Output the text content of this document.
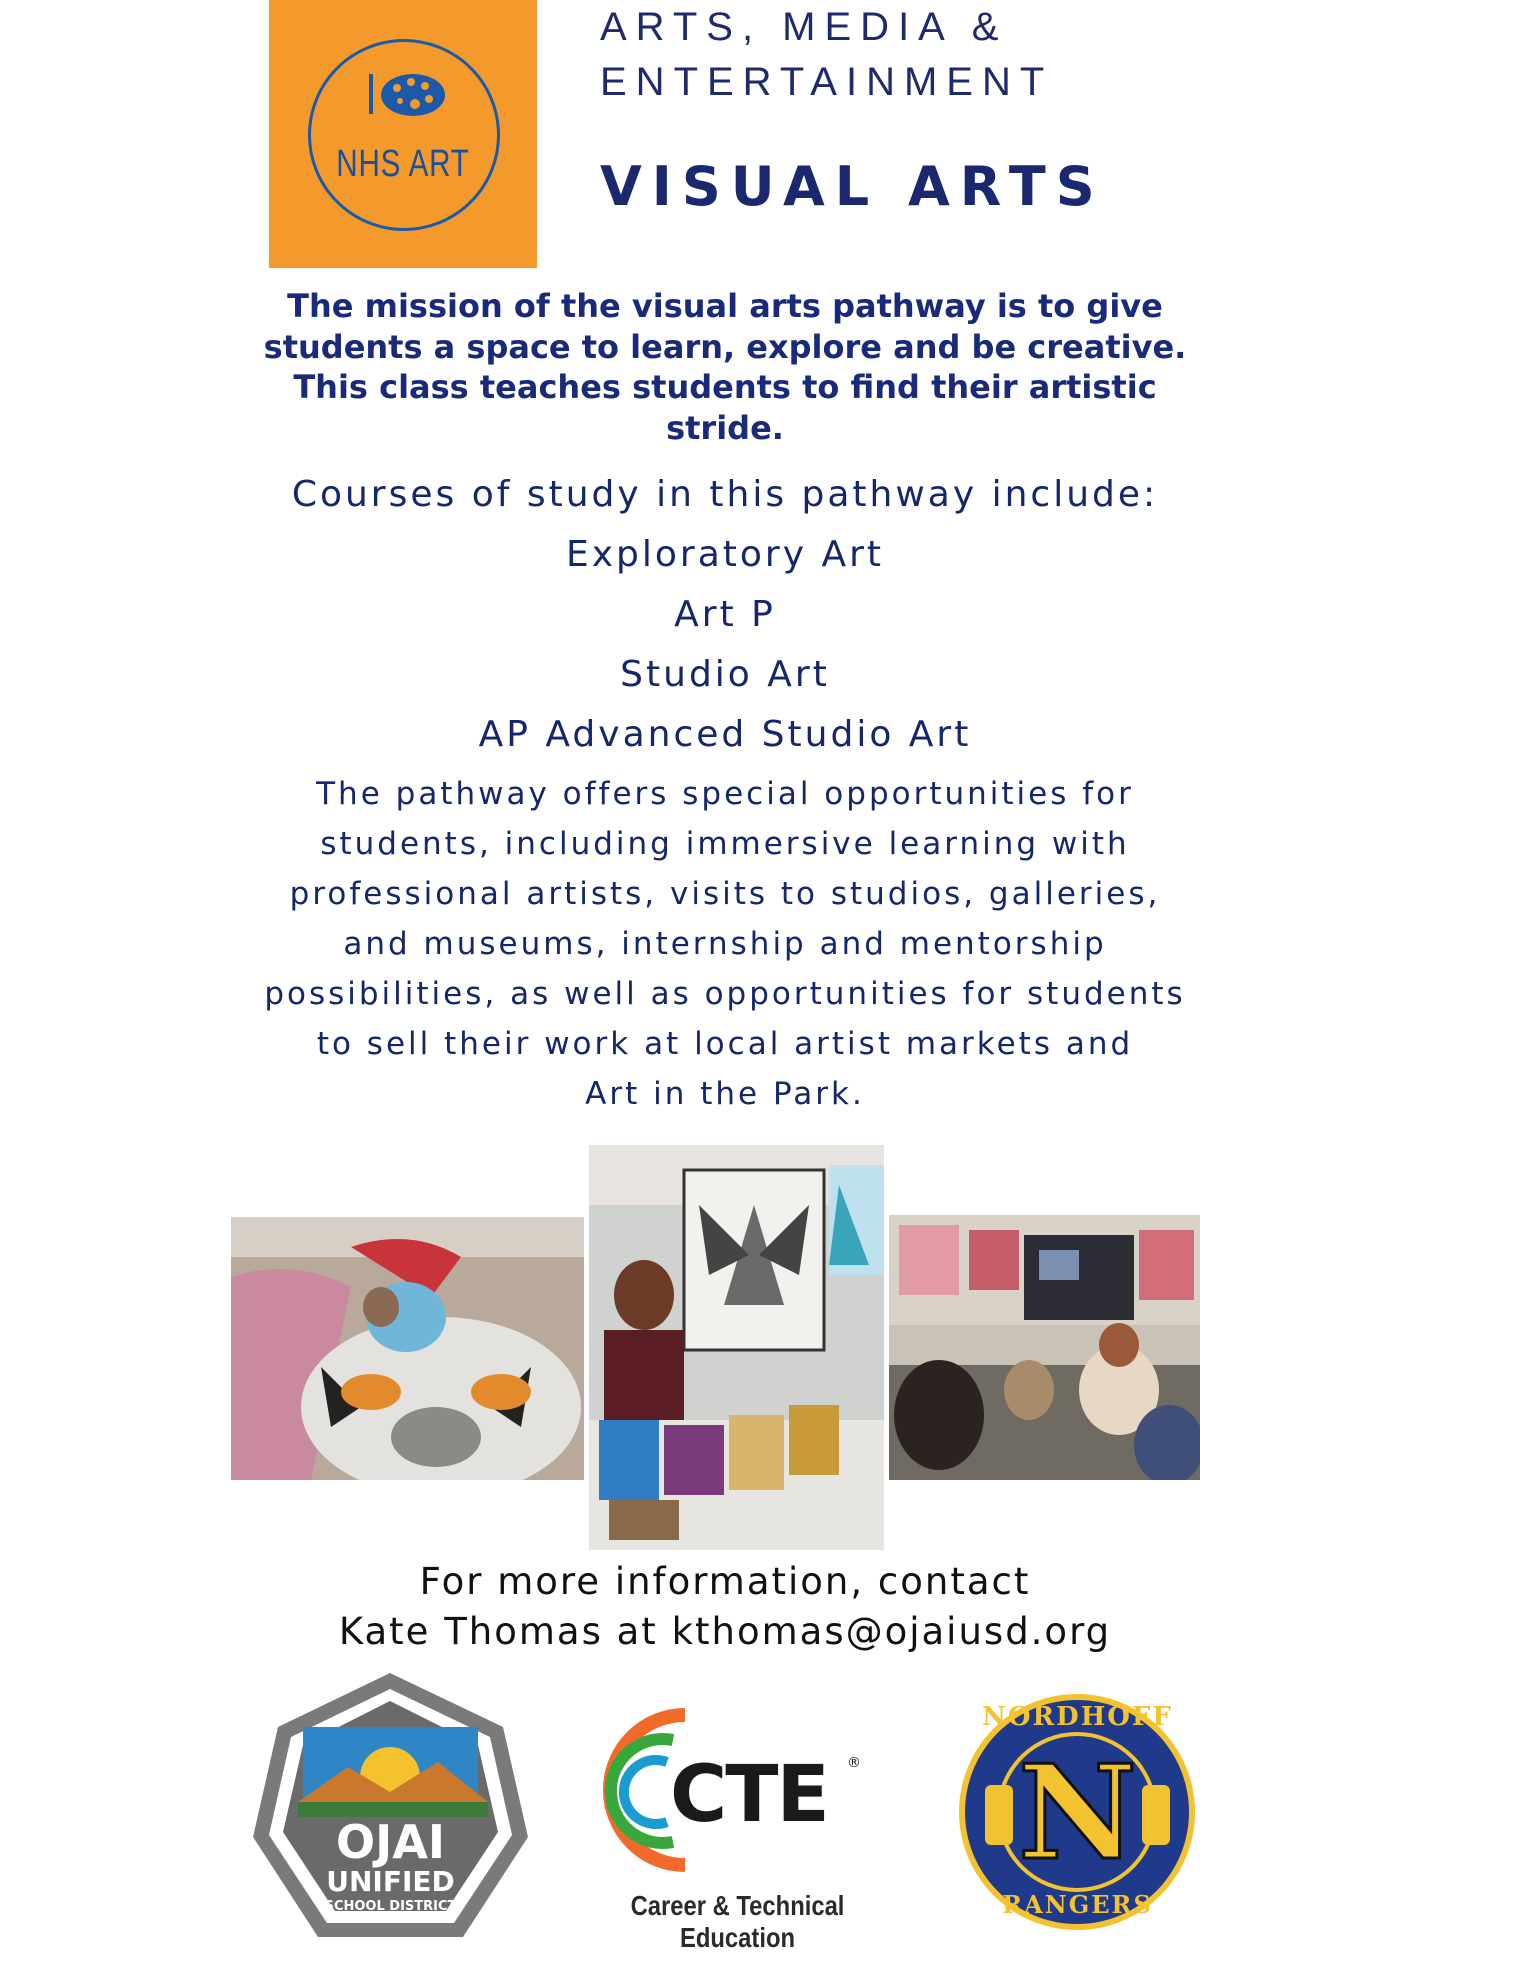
NHS ART
ARTS, MEDIA &
ENTERTAINMENT
VISUAL ARTS
The mission of the visual arts pathway is to give
students a space to learn, explore and be creative.
This class teaches students to find their artistic
stride.
Courses of study in this pathway include:
Exploratory Art
Art P
Studio Art
AP Advanced Studio Art
The pathway offers special opportunities for
students, including immersive learning with
professional artists, visits to studios, galleries,
and museums, internship and mentorship
possibilities, as well as opportunities for students
to sell their work at local artist markets and
Art in the Park.
For more information, contact
Kate Thomas at kthomas@ojaiusd.org
OJAI
UNIFIED
SCHOOL DISTRICT
CTE ®
Career & Technical Education
NORDHOFF
N
RANGERS
